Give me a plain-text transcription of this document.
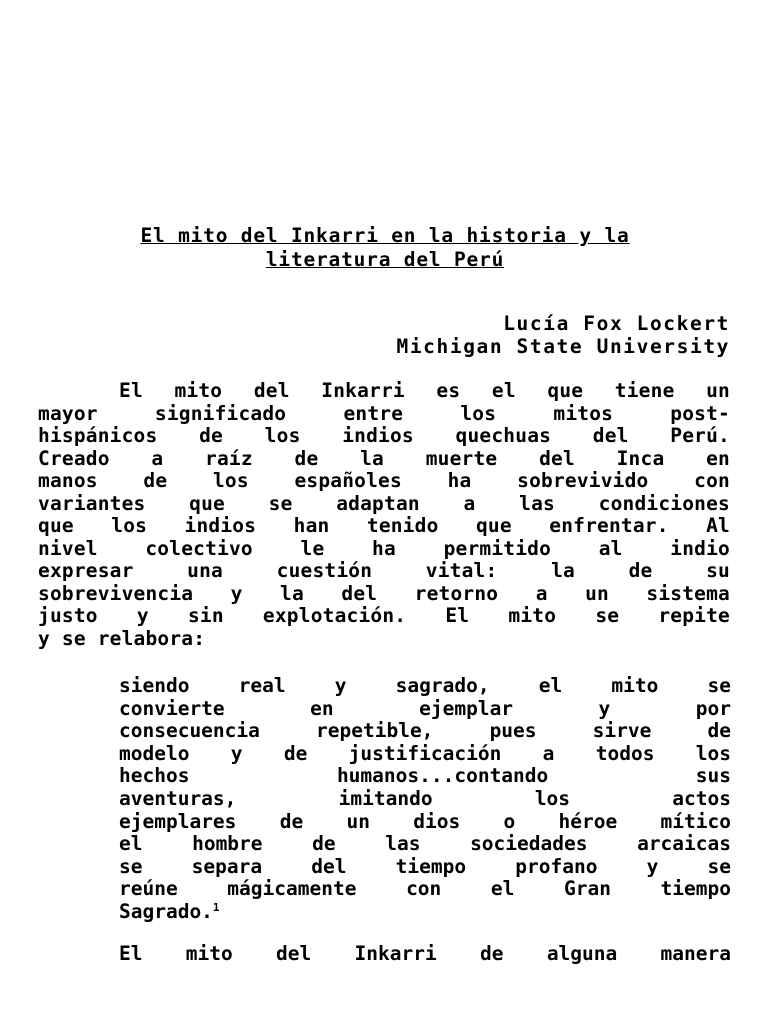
El mito del Inkarri en la historia y la
literatura del Perú
Lucía Fox Lockert
Michigan State University
El mito del Inkarri es el que tiene un
mayor significado entre los mitos post-
hispánicos de los indios quechuas del Perú.
Creado a raíz de la muerte del Inca en
manos de los españoles ha sobrevivido con
variantes que se adaptan a las condiciones
que los indios han tenido que enfrentar. Al
nivel colectivo le ha permitido al indio
expresar una cuestión vital: la de su
sobrevivencia y la del retorno a un sistema
justo y sin explotación. El mito se repite
y se relabora:
siendo real y sagrado, el mito se
convierte en ejemplar y por
consecuencia repetible, pues sirve de
modelo y de justificación a todos los
hechos humanos...contando sus
aventuras, imitando los actos
ejemplares de un dios o héroe mítico
el hombre de las sociedades arcaicas
se separa del tiempo profano y se
reúne mágicamente con el Gran tiempo
Sagrado.$^1$
El mito del Inkarri de alguna manera
